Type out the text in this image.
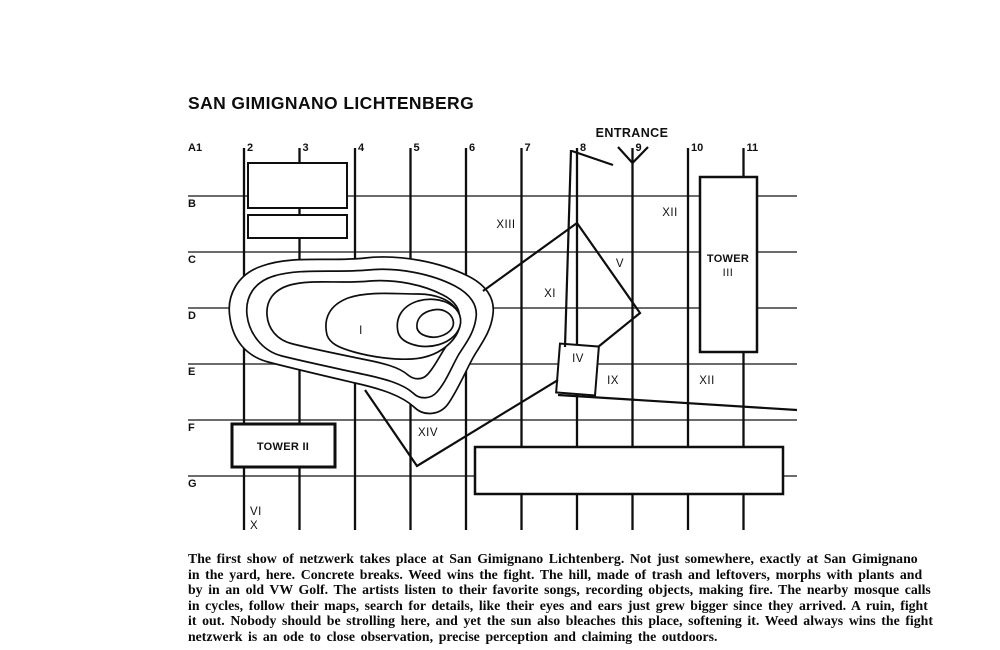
SAN GIMIGNANO LICHTENBERG
A1	2	3	4	5	6	7	8	9	10	11
B
C
D
E
F
G
ENTRANCE
XIII
XII
V
XI
I
IV
IX	XII
XIV
VI
X
TOWER II
TOWER
III
The first show of netzwerk takes place at San Gimignano Lichtenberg. Not just somewhere, exactly at San Gimignano
in the yard, here. Concrete breaks. Weed wins the fight. The hill, made of trash and leftovers, morphs with plants and
by in an old VW Golf. The artists listen to their favorite songs, recording objects, making fire. The nearby mosque calls
in cycles, follow their maps, search for details, like their eyes and ears just grew bigger since they arrived. A ruin, fight
it out. Nobody should be strolling here, and yet the sun also bleaches this place, softening it. Weed always wins the fight
netzwerk is an ode to close observation, precise perception and claiming the outdoors.
